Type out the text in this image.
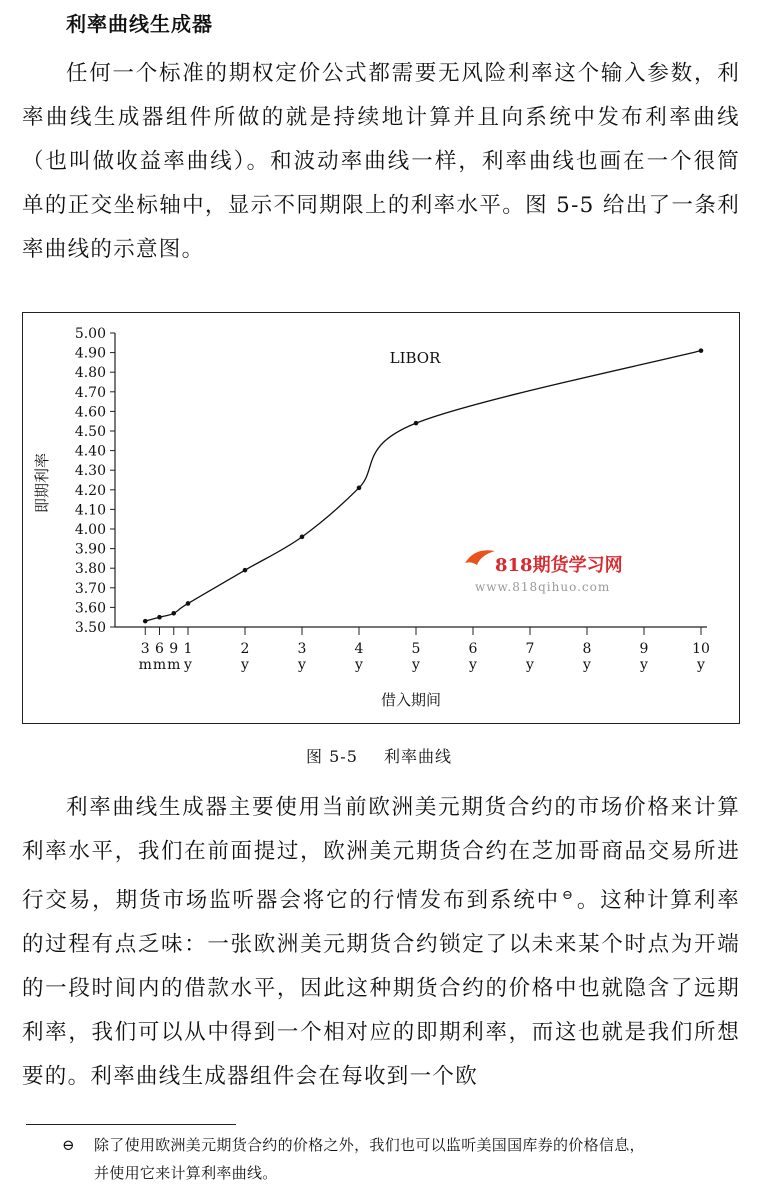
利率曲线生成器
任何一个标准的期权定价公式都需要无风险利率这个输入参数，利率曲线生成器组件所做的就是持续地计算并且向系统中发布利率曲线（也叫做收益率曲线）。和波动率曲线一样，利率曲线也画在一个很简单的正交坐标轴中，显示不同期限上的利率水平。图 5-5 给出了一条利率曲线的示意图。
3.50
3.60
3.70
3.80
3.90
4.00
4.10
4.20
4.30
4.40
4.50
4.60
4.70
4.80
4.90
5.00
3
m
6
m
9
m
1
y
2
y
3
y
4
y
5
y
6
y
7
y
8
y
9
y
10
y
借入期间
即期利率
LIBOR
818期货学习网
www.818qihuo.com
图 5-5 利率曲线
利率曲线生成器主要使用当前欧洲美元期货合约的市场价格来计算利率水平，我们在前面提过，欧洲美元期货合约在芝加哥商品交易所进行交易，期货市场监听器会将它的行情发布到系统中 ⊖。这种计算利率的过程有点乏味：一张欧洲美元期货合约锁定了以未来某个时点为开端的一段时间内的借款水平，因此这种期货合约的价格中也就隐含了远期利率，我们可以从中得到一个相对应的即期利率，而这也就是我们所想要的。利率曲线生成器组件会在每收到一个欧
⊖ 除了使用欧洲美元期货合约的价格之外，我们也可以监听美国国库券的价格信息，
并使用它来计算利率曲线。
